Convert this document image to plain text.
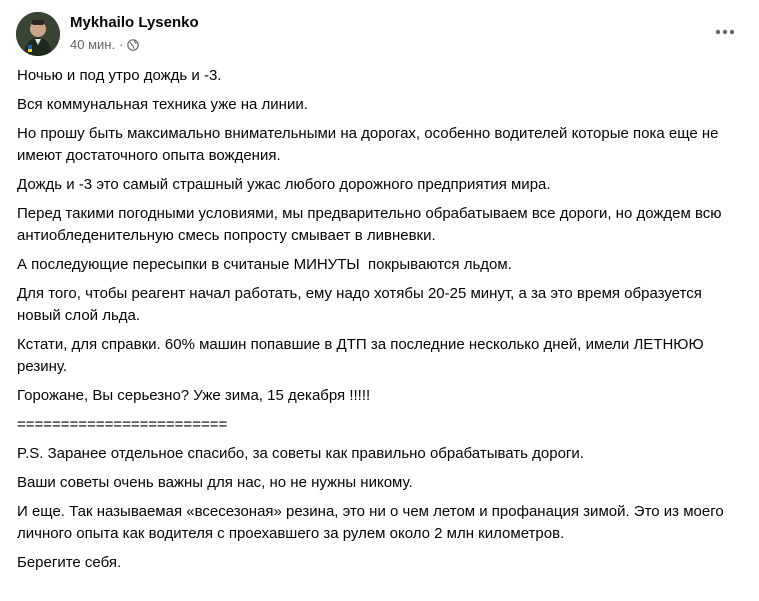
Mykhailo Lysenko
40 мин. ·

Ночью и под утро дождь и -3.

Вся коммунальная техника уже на линии.

Но прошу быть максимально внимательными на дорогах, особенно водителей которые пока еще не имеют достаточного опыта вождения.

Дождь и -3 это самый страшный ужас любого дорожного предприятия мира.

Перед такими погодными условиями, мы предварительно обрабатываем все дороги, но дождем всю антиобледенительную смесь попросту смывает в ливневки.

А последующие пересыпки в считаные МИНУТЫ  покрываются льдом.

Для того, чтобы реагент начал работать, ему надо хотябы 20-25 минут, а за это время образуется новый слой льда.

Кстати, для справки. 60% машин попавшие в ДТП за последние несколько дней, имели ЛЕТНЮЮ резину.

Горожане, Вы серьезно? Уже зима, 15 декабря !!!!!

========================

P.S. Заранее отдельное спасибо, за советы как правильно обрабатывать дороги.

Ваши советы очень важны для нас, но не нужны никому.

И еще. Так называемая «всесезоная» резина, это ни о чем летом и профанация зимой. Это из моего личного опыта как водителя с проехавшего за рулем около 2 млн километров.

Берегите себя.
